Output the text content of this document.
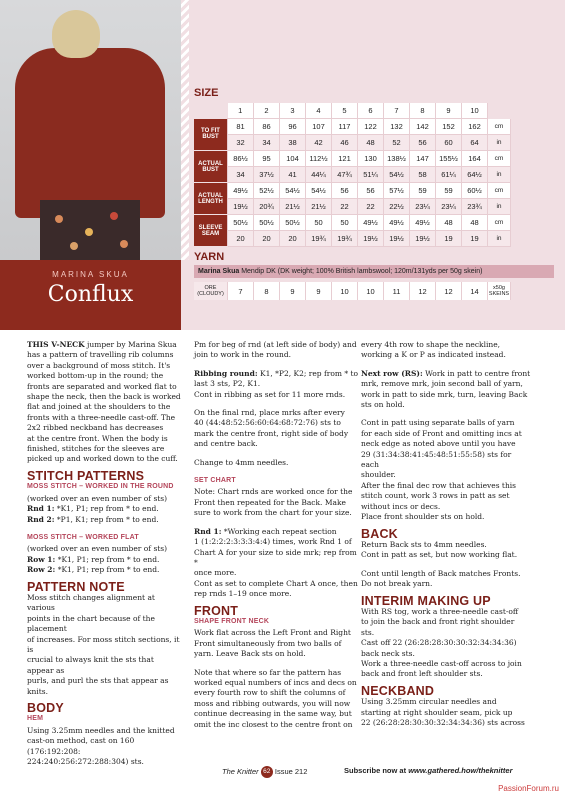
MARINA SKUA
Conflux
SIZE
	1	2	3	4	5	6	7	8	9	10	
TO FIT BUST	81	86	96	107	117	122	132	142	152	162	cm
	32	34	38	42	46	48	52	56	60	64	in
ACTUAL BUST	86½	95	104	112½	121	130	138½	147	155½	164	cm
	34	37½	41	44¼	47¾	51¼	54½	58	61¼	64½	in
ACTUAL LENGTH	49½	52½	54½	54½	56	56	57½	59	59	60½	cm
	19½	20¾	21½	21½	22	22	22½	23¼	23¼	23¾	in
SLEEVE SEAM	50½	50½	50½	50	50	49½	49½	49½	48	48	cm
	20	20	20	19¾	19¾	19½	19½	19½	19	19	in
YARN
Marina Skua Mendip DK (DK weight; 100% British lambswool; 120m/131yds per 50g skein)
ORE (CLOUDY)	7	8	9	9	10	10	11	12	12	14	x50g SKEINS
THIS V-NECK jumper by Marina Skua
has a pattern of travelling rib columns
over a background of moss stitch. It's
worked bottom-up in the round; the
fronts are separated and worked flat to
shape the neck, then the back is worked
flat and joined at the shoulders to the
fronts with a three-needle cast-off. The
2x2 ribbed neckband has decreases
at the centre front. When the body is
finished, stitches for the sleeves are
picked up and worked down to the cuff.
STITCH PATTERNS
MOSS STITCH – WORKED IN THE ROUND
(worked over an even number of sts)
Rnd 1: *K1, P1; rep from * to end.
Rnd 2: *P1, K1; rep from * to end.
MOSS STITCH – WORKED FLAT
(worked over an even number of sts)
Row 1: *K1, P1; rep from * to end.
Row 2: *K1, P1; rep from * to end.
PATTERN NOTE
Moss stitch changes alignment at various
points in the chart because of the placement
of increases. For moss stitch sections, it is
crucial to always knit the sts that appear as
purls, and purl the sts that appear as knits.
BODY
HEM
Using 3.25mm needles and the knitted
cast-on method, cast on 160 (176:192:208:
224:240:256:272:288:304) sts.
Pm for beg of rnd (at left side of body) and
join to work in the round.
Ribbing round: K1, *P2, K2; rep from * to
last 3 sts, P2, K1.
Cont in ribbing as set for 11 more rnds.
On the final rnd, place mrks after every
40 (44:48:52:56:60:64:68:72:76) sts to
mark the centre front, right side of body
and centre back.
Change to 4mm needles.
SET CHART
Note: Chart rnds are worked once for the
Front then repeated for the Back. Make
sure to work from the chart for your size.
Rnd 1: *Working each repeat section
1 (1:2:2:2:3:3:3:4:4) times, work Rnd 1 of
Chart A for your size to side mrk; rep from *
once more.
Cont as set to complete Chart A once, then
rep rnds 1–19 once more.
FRONT
SHAPE FRONT NECK
Work flat across the Left Front and Right
Front simultaneously from two balls of
yarn. Leave Back sts on hold.
Note that where so far the pattern has
worked equal numbers of incs and decs on
every fourth row to shift the columns of
moss and ribbing outwards, you will now
continue decreasing in the same way, but
omit the inc closest to the centre front on
every 4th row to shape the neckline,
working a K or P as indicated instead.
Next row (RS): Work in patt to centre front
mrk, remove mrk, join second ball of yarn,
work in patt to side mrk, turn, leaving Back
sts on hold.
Cont in patt using separate balls of yarn
for each side of Front and omitting incs at
neck edge as noted above until you have
29 (31:34:38:41:45:48:51:55:58) sts for each
shoulder.
After the final dec row that achieves this
stitch count, work 3 rows in patt as set
without incs or decs.
Place front shoulder sts on hold.
BACK
Return Back sts to 4mm needles.
Cont in patt as set, but now working flat.
Cont until length of Back matches Fronts.
Do not break yarn.
INTERIM MAKING UP
With RS tog, work a three-needle cast-off
to join the back and front right shoulder
sts.
Cast off 22 (26:28:28:30:30:32:34:34:36)
back neck sts.
Work a three-needle cast-off across to join
back and front left shoulder sts.
NECKBAND
Using 3.25mm circular needles and
starting at right shoulder seam, pick up
22 (26:28:28:30:30:32:34:34:36) sts across
The Knitter 62 Issue 212	Subscribe now at www.gathered.how/theknitter
PassionForum.ru
